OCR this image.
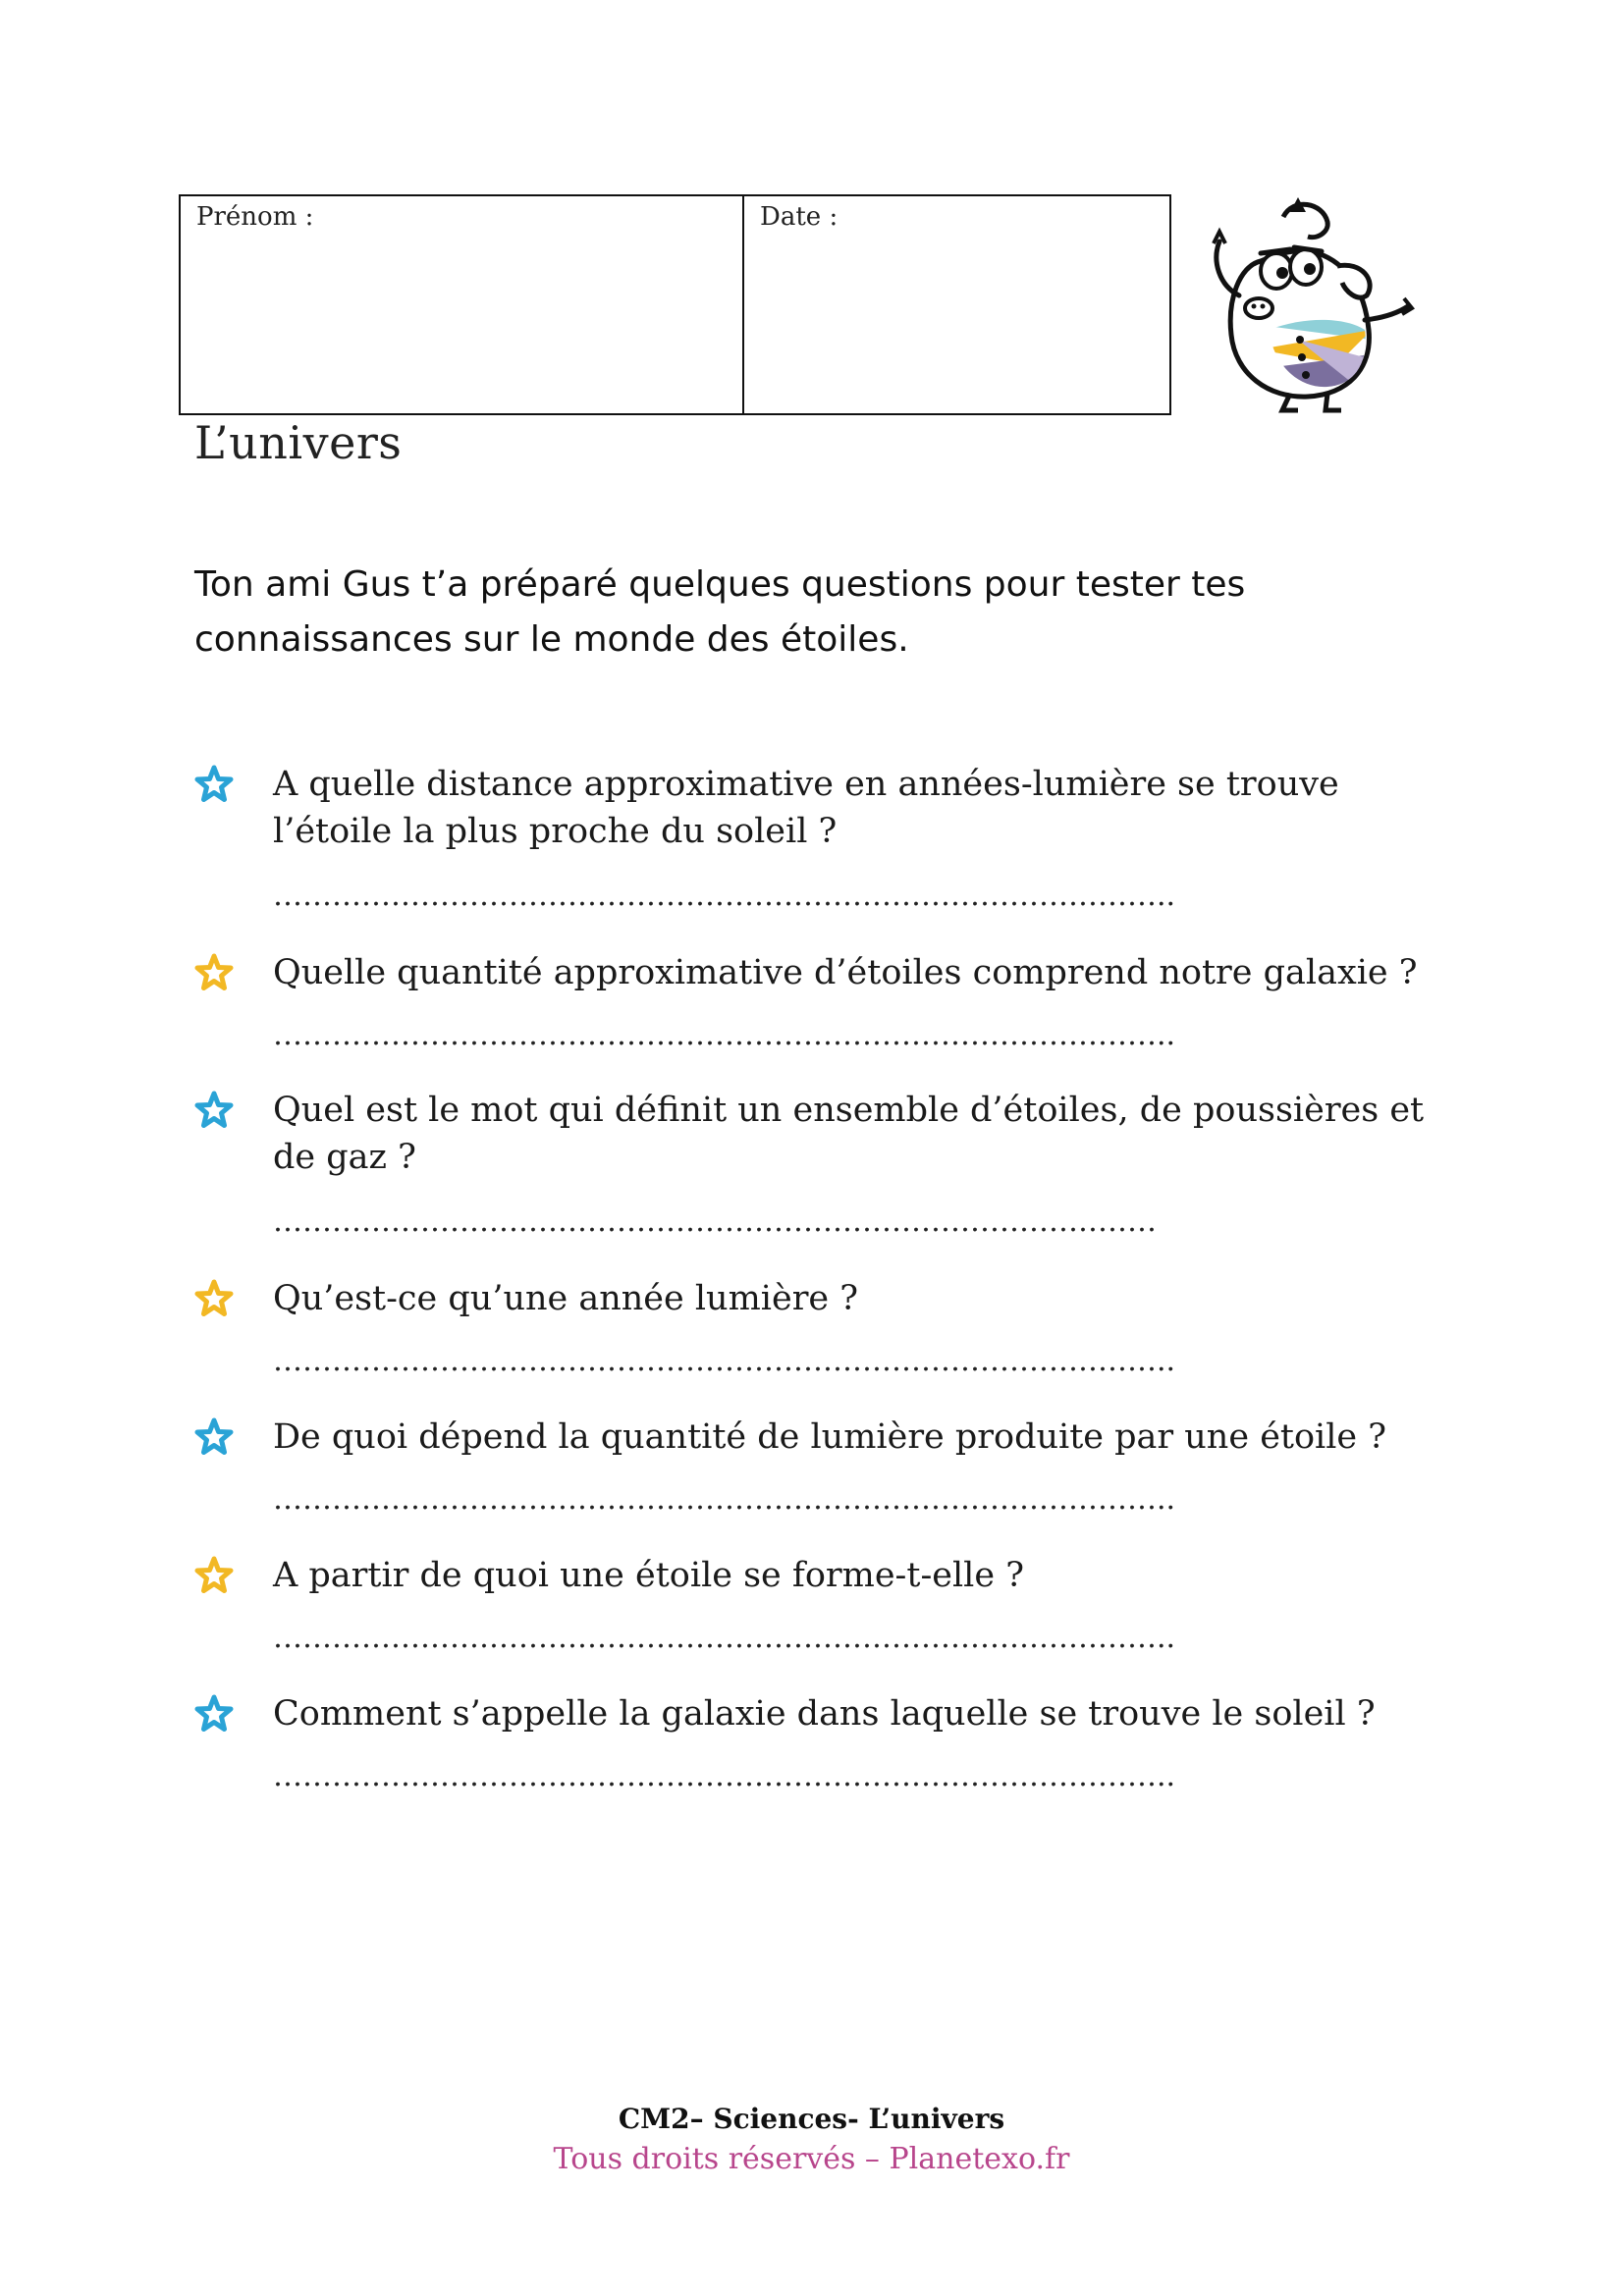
Prénom :	Date :
L’univers
Ton ami Gus t’a préparé quelques questions pour tester tes connaissances sur le monde des étoiles.
A quelle distance approximative en années-lumière se trouve l’étoile la plus proche du soleil ?
………………………………………………………………………………..
Quelle quantité approximative d’étoiles comprend notre galaxie ?
………………………………………………………………………………..
Quel est le mot qui définit un ensemble d’étoiles, de poussières et de gaz ?
………………………………………………………………………………
Qu’est-ce qu’une année lumière ?
………………………………………………………………………………..
De quoi dépend la quantité de lumière produite par une étoile ?
………………………………………………………………………………..
A partir de quoi une étoile se forme-t-elle ?
………………………………………………………………………………..
Comment s’appelle la galaxie dans laquelle se trouve le soleil ?
………………………………………………………………………………..
CM2– Sciences- L’univers
Tous droits réservés – Planetexo.fr
